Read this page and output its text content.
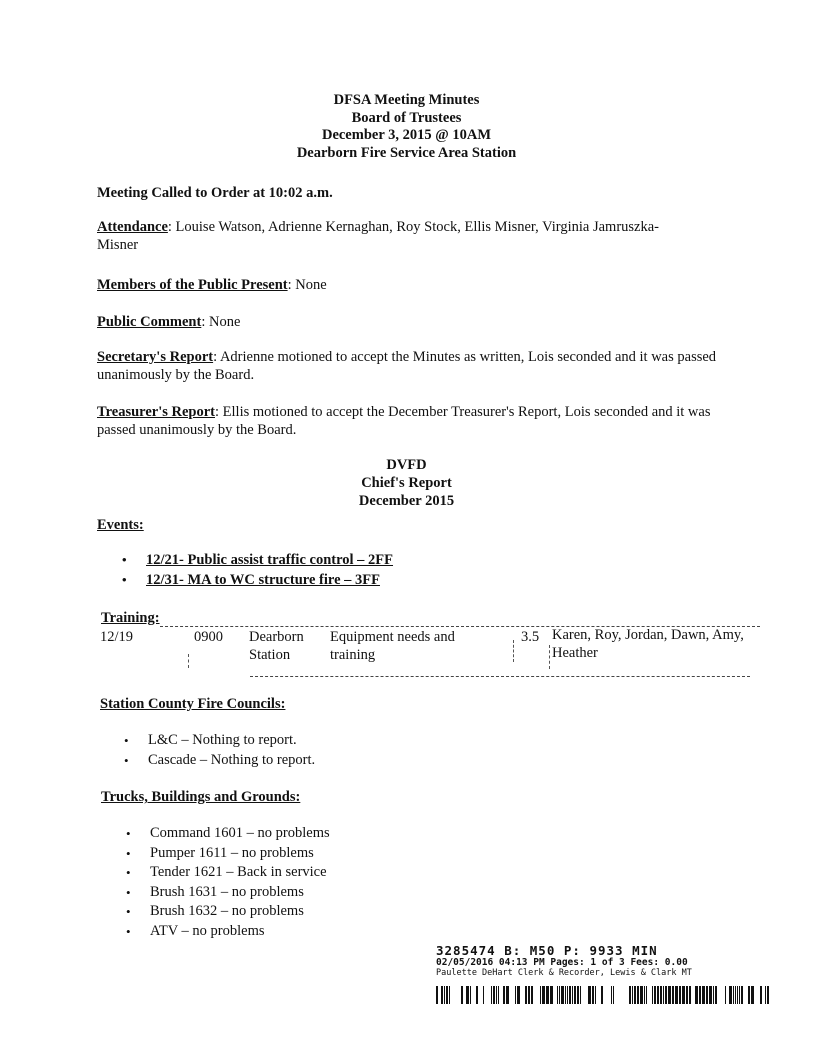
DFSA Meeting Minutes
Board of Trustees
December 3, 2015 @ 10AM
Dearborn Fire Service Area Station
Meeting Called to Order at 10:02 a.m.
Attendance: Louise Watson, Adrienne Kernaghan, Roy Stock, Ellis Misner, Virginia Jamruszka-Misner
Members of the Public Present: None
Public Comment: None
Secretary's Report: Adrienne motioned to accept the Minutes as written, Lois seconded and it was passed unanimously by the Board.
Treasurer's Report: Ellis motioned to accept the December Treasurer's Report, Lois seconded and it was passed unanimously by the Board.
DVFD
Chief's Report
December 2015
Events:
• 12/21- Public assist traffic control – 2FF
• 12/31- MA to WC structure fire – 3FF
Training:
12/19	0900 Dearborn Station
Equipment needs and training
3.5 Karen, Roy, Jordan, Dawn, Amy, Heather
Station County Fire Councils:
• L&C – Nothing to report.
• Cascade – Nothing to report.
Trucks, Buildings and Grounds:
• Command 1601 – no problems
• Pumper 1611 – no problems
• Tender 1621 – Back in service
• Brush 1631 – no problems
• Brush 1632 – no problems
• ATV – no problems
3285474 B: M50 P: 9933 MIN
02/05/2016 04:13 PM Pages: 1 of 3 Fees: 0.00
Paulette DeHart Clerk & Recorder, Lewis & Clark MT
